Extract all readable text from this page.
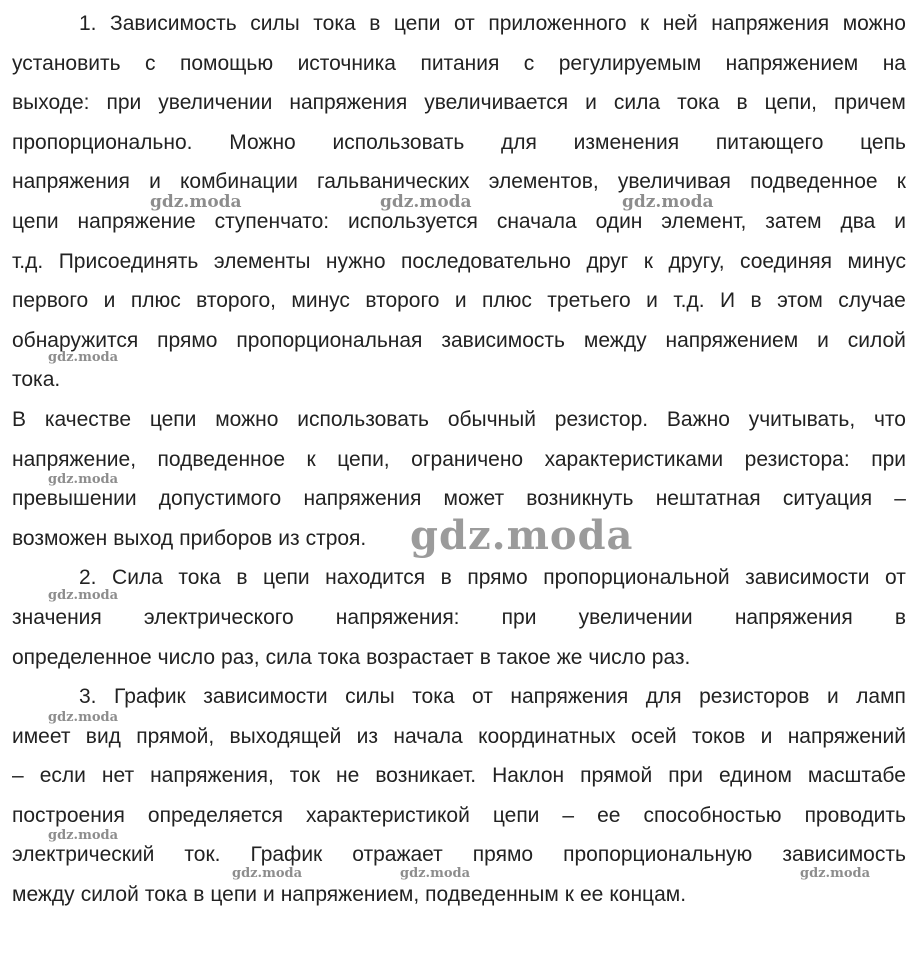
1. Зависимость силы тока в цепи от приложенного к ней напряжения можно
установить с помощью источника питания с регулируемым напряжением на
выходе: при увеличении напряжения увеличивается и сила тока в цепи, причем
пропорционально. Можно использовать для изменения питающего цепь
напряжения и комбинации гальванических элементов, увеличивая подведенное к
цепи напряжение ступенчато: используется сначала один элемент, затем два и
т.д. Присоединять элементы нужно последовательно друг к другу, соединяя минус
первого и плюс второго, минус второго и плюс третьего и т.д. И в этом случае
обнаружится прямо пропорциональная зависимость между напряжением и силой
тока.
В качестве цепи можно использовать обычный резистор. Важно учитывать, что
напряжение, подведенное к цепи, ограничено характеристиками резистора: при
превышении допустимого напряжения может возникнуть нештатная ситуация –
возможен выход приборов из строя.
2. Сила тока в цепи находится в прямо пропорциональной зависимости от
значения электрического напряжения: при увеличении напряжения в
определенное число раз, сила тока возрастает в такое же число раз.
3. График зависимости силы тока от напряжения для резисторов и ламп
имеет вид прямой, выходящей из начала координатных осей токов и напряжений
– если нет напряжения, ток не возникает. Наклон прямой при едином масштабе
построения определяется характеристикой цепи – ее способностью проводить
электрический ток. График отражает прямо пропорциональную зависимость
между силой тока в цепи и напряжением, подведенным к ее концам.
gdz.moda	gdz.moda	gdz.moda
gdz.moda
gdz.moda
gdz.moda
gdz.moda
gdz.moda
gdz.moda
gdz.moda	gdz.moda	gdz.moda
